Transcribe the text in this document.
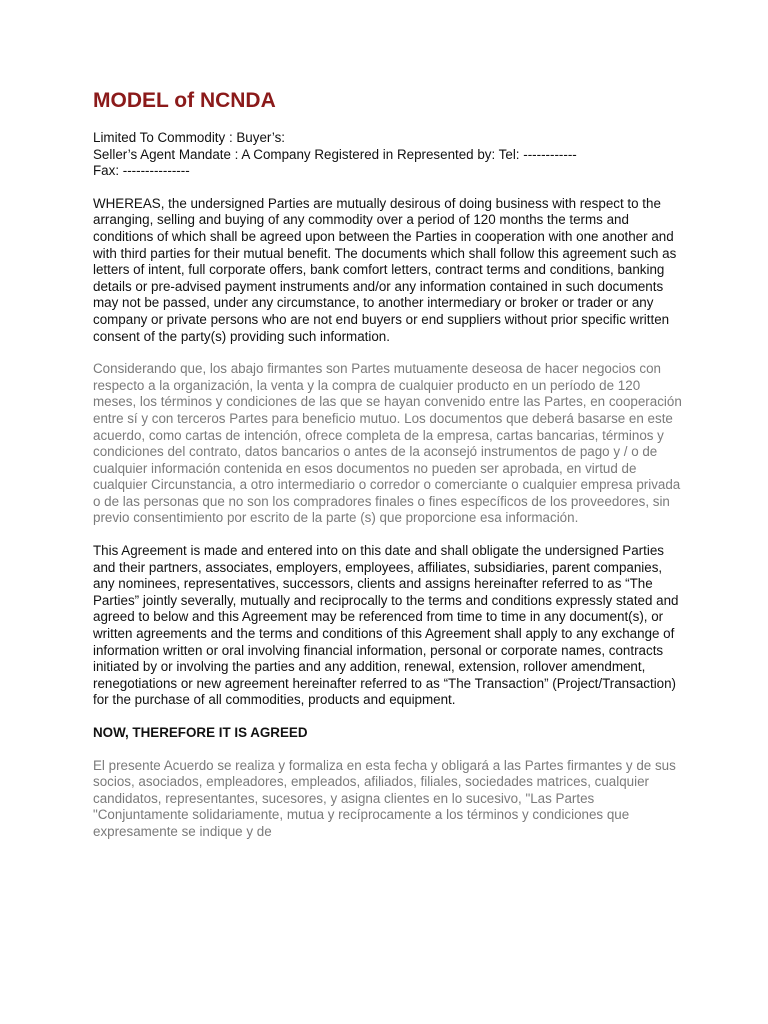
MODEL of NCNDA
Limited To Commodity : Buyer’s:
Seller’s Agent Mandate : A Company Registered in Represented by: Tel: ------------
Fax: ---------------

WHEREAS, the undersigned Parties are mutually desirous of doing business with respect to the arranging, selling and buying of any commodity over a period of 120 months the terms and conditions of which shall be agreed upon between the Parties in cooperation with one another and with third parties for their mutual benefit. The documents which shall follow this agreement such as letters of intent, full corporate offers, bank comfort letters, contract terms and conditions, banking details or pre-advised payment instruments and/or any information contained in such documents may not be passed, under any circumstance, to another intermediary or broker or trader or any company or private persons who are not end buyers or end suppliers without prior specific written consent of the party(s) providing such information.

Considerando que, los abajo firmantes son Partes mutuamente deseosa de hacer negocios con respecto a la organización, la venta y la compra de cualquier producto en un período de 120 meses, los términos y condiciones de las que se hayan convenido entre las Partes, en cooperación entre sí y con terceros Partes para beneficio mutuo. Los documentos que deberá basarse en este acuerdo, como cartas de intención, ofrece completa de la empresa, cartas bancarias, términos y condiciones del contrato, datos bancarios o antes de la aconsejó instrumentos de pago y / o de cualquier información contenida en esos documentos no pueden ser aprobada, en virtud de cualquier Circunstancia, a otro intermediario o corredor o comerciante o cualquier empresa privada o de las personas que no son los compradores finales o fines específicos de los proveedores, sin previo consentimiento por escrito de la parte (s) que proporcione esa información.

This Agreement is made and entered into on this date and shall obligate the undersigned Parties and their partners, associates, employers, employees, affiliates, subsidiaries, parent companies, any nominees, representatives, successors, clients and assigns hereinafter referred to as “The Parties” jointly severally, mutually and reciprocally to the terms and conditions expressly stated and agreed to below and this Agreement may be referenced from time to time in any document(s), or written agreements and the terms and conditions of this Agreement shall apply to any exchange of information written or oral involving financial information, personal or corporate names, contracts initiated by or involving the parties and any addition, renewal, extension, rollover amendment, renegotiations or new agreement hereinafter referred to as “The Transaction” (Project/Transaction) for the purchase of all commodities, products and equipment.

NOW, THEREFORE IT IS AGREED

El presente Acuerdo se realiza y formaliza en esta fecha y obligará a las Partes firmantes y de sus socios, asociados, empleadores, empleados, afiliados, filiales, sociedades matrices, cualquier candidatos, representantes, sucesores, y asigna clientes en lo sucesivo, "Las Partes "Conjuntamente solidariamente, mutua y recíprocamente a los términos y condiciones que expresamente se indique y de
